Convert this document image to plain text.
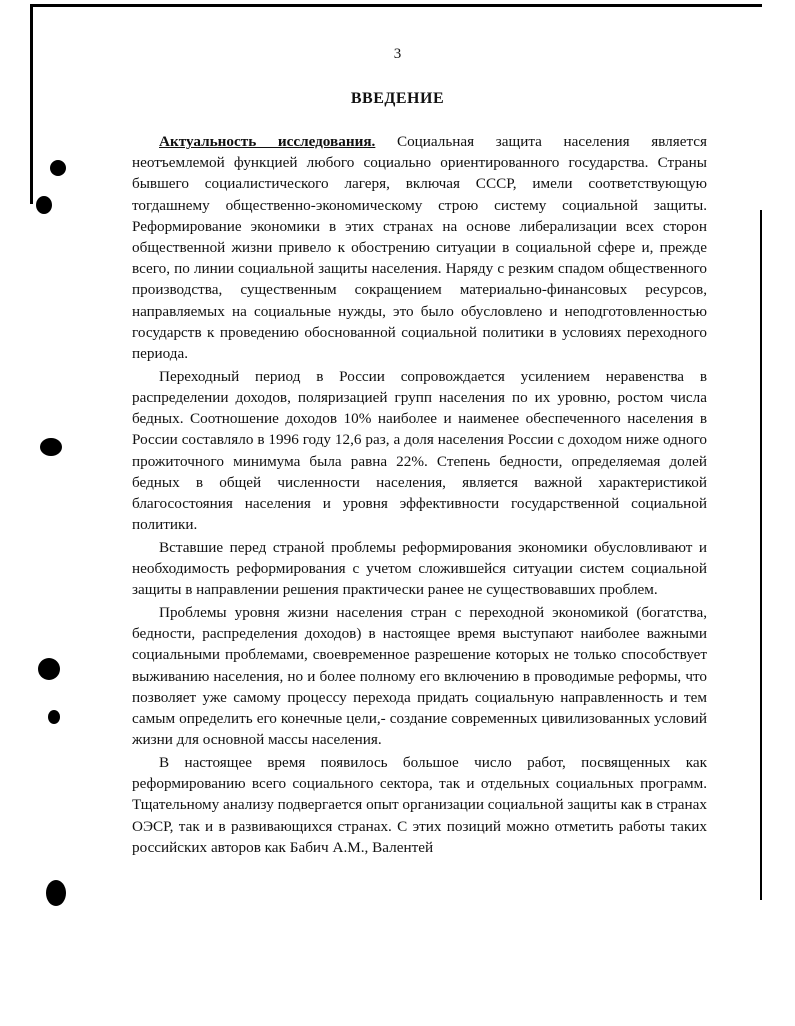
3
ВВЕДЕНИЕ

Актуальность исследования. Социальная защита населения является неотъемлемой функцией любого социально ориентированного государства. Страны бывшего социалистического лагеря, включая СССР, имели соответствующую тогдашнему общественно-экономическому строю систему социальной защиты. Реформирование экономики в этих странах на основе либерализации всех сторон общественной жизни привело к обострению ситуации в социальной сфере и, прежде всего, по линии социальной защиты населения. Наряду с резким спадом общественного производства, существенным сокращением материально-финансовых ресурсов, направляемых на социальные нужды, это было обусловлено и неподготовленностью государств к проведению обоснованной социальной политики в условиях переходного периода.

Переходный период в России сопровождается усилением неравенства в распределении доходов, поляризацией групп населения по их уровню, ростом числа бедных. Соотношение доходов 10% наиболее и наименее обеспеченного населения в России составляло в 1996 году 12,6 раз, а доля населения России с доходом ниже одного прожиточного минимума была равна 22%. Степень бедности, определяемая долей бедных в общей численности населения, является важной характеристикой благосостояния населения и уровня эффективности государственной социальной политики.

Вставшие перед страной проблемы реформирования экономики обусловливают и необходимость реформирования с учетом сложившейся ситуации систем социальной защиты в направлении решения практически ранее не существовавших проблем.

Проблемы уровня жизни населения стран с переходной экономикой (богатства, бедности, распределения доходов) в настоящее время выступают наиболее важными социальными проблемами, своевременное разрешение которых не только способствует выживанию населения, но и более полному его включению в проводимые реформы, что позволяет уже самому процессу перехода придать социальную направленность и тем самым определить его конечные цели,- создание современных цивилизованных условий жизни для основной массы населения.

В настоящее время появилось большое число работ, посвященных как реформированию всего социального сектора, так и отдельных социальных программ. Тщательному анализу подвергается опыт организации социальной защиты как в странах ОЭСР, так и в развивающихся странах. С этих позиций можно отметить работы таких российских авторов как Бабич А.М., Валентей
